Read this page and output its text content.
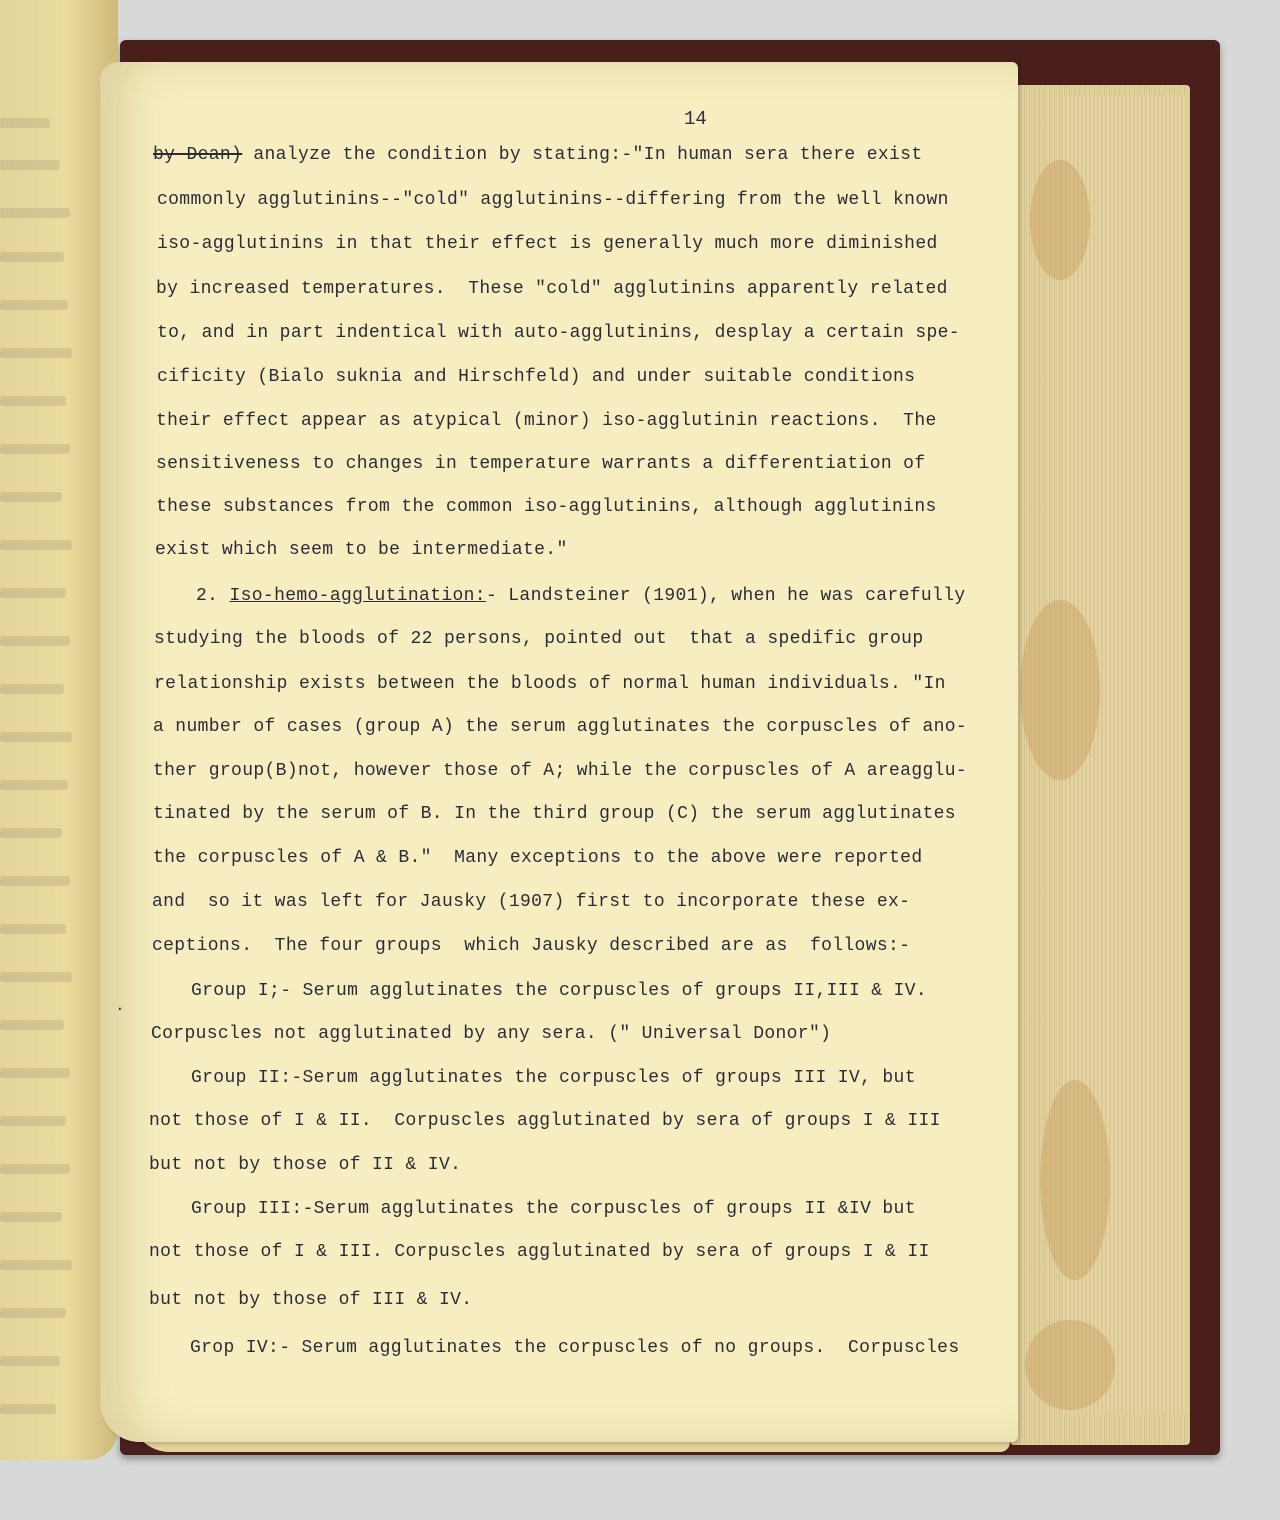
14
by Dean) analyze the condition by stating:-"In human sera there exist
commonly agglutinins--"cold" agglutinins--differing from the well known
iso-agglutinins in that their effect is generally much more diminished
by increased temperatures.  These "cold" agglutinins apparently related
to, and in part indentical with auto-agglutinins, desplay a certain spe-
cificity (Bialo suknia and Hirschfeld) and under suitable conditions
their effect appear as atypical (minor) iso-agglutinin reactions.  The
sensitiveness to changes in temperature warrants a differentiation of
these substances from the common iso-agglutinins, although agglutinins
exist which seem to be intermediate."
2. Iso-hemo-agglutination:- Landsteiner (1901), when he was carefully
studying the bloods of 22 persons, pointed out  that a spedific group
relationship exists between the bloods of normal human individuals. "In
a number of cases (group A) the serum agglutinates the corpuscles of ano-
ther group(B)not, however those of A; while the corpuscles of A areagglu-
tinated by the serum of B. In the third group (C) the serum agglutinates
the corpuscles of A & B."  Many exceptions to the above were reported
and  so it was left for Jausky (1907) first to incorporate these ex-
ceptions.  The four groups  which Jausky described are as  follows:-
Group I;- Serum agglutinates the corpuscles of groups II,III & IV.
Corpuscles not agglutinated by any sera. (" Universal Donor")
Group II:-Serum agglutinates the corpuscles of groups III IV, but
not those of I & II.  Corpuscles agglutinated by sera of groups I & III
but not by those of II & IV.
Group III:-Serum agglutinates the corpuscles of groups II &IV but
not those of I & III. Corpuscles agglutinated by sera of groups I & II
but not by those of III & IV.
Grop IV:- Serum agglutinates the corpuscles of no groups.  Corpuscles
·
